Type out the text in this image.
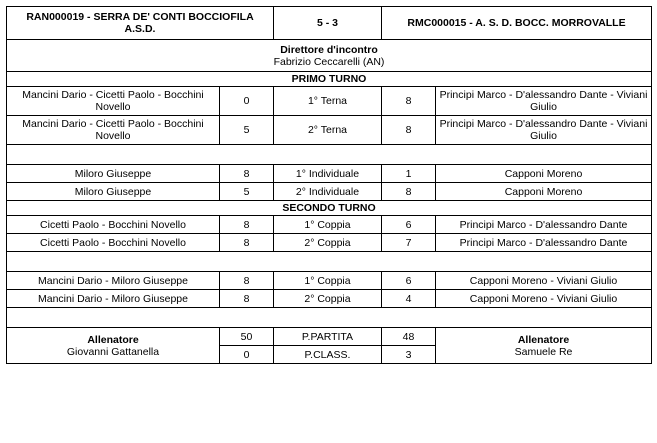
RAN000019 - SERRA DE' CONTI BOCCIOFILA A.S.D.		5 - 3	RMC000015 - A. S. D. BOCC. MORROVALLE	

Direttore d'incontro
Fabrizio Ceccarelli (AN)				

PRIMO TURNO				
Mancini Dario - Cicetti Paolo - Bocchini Novello	0	1° Terna	8	Principi Marco - D'alessandro Dante - Viviani Giulio
Mancini Dario - Cicetti Paolo - Bocchini Novello	5	2° Terna	8	Principi Marco - D'alessandro Dante - Viviani Giulio

Miloro Giuseppe	8	1° Individuale	1	Capponi Moreno
Miloro Giuseppe	5	2° Individuale	8	Capponi Moreno
SECONDO TURNO				
Cicetti Paolo - Bocchini Novello	8	1° Coppia	6	Principi Marco - D'alessandro Dante
Cicetti Paolo - Bocchini Novello	8	2° Coppia	7	Principi Marco - D'alessandro Dante

Mancini Dario - Miloro Giuseppe	8	1° Coppia	6	Capponi Moreno - Viviani Giulio
Mancini Dario - Miloro Giuseppe	8	2° Coppia	4	Capponi Moreno - Viviani Giulio

Allenatore
Giovanni Gattanella	50	P.PARTITA	48	Allenatore
Samuele Re

	0	P.CLASS.	3	
